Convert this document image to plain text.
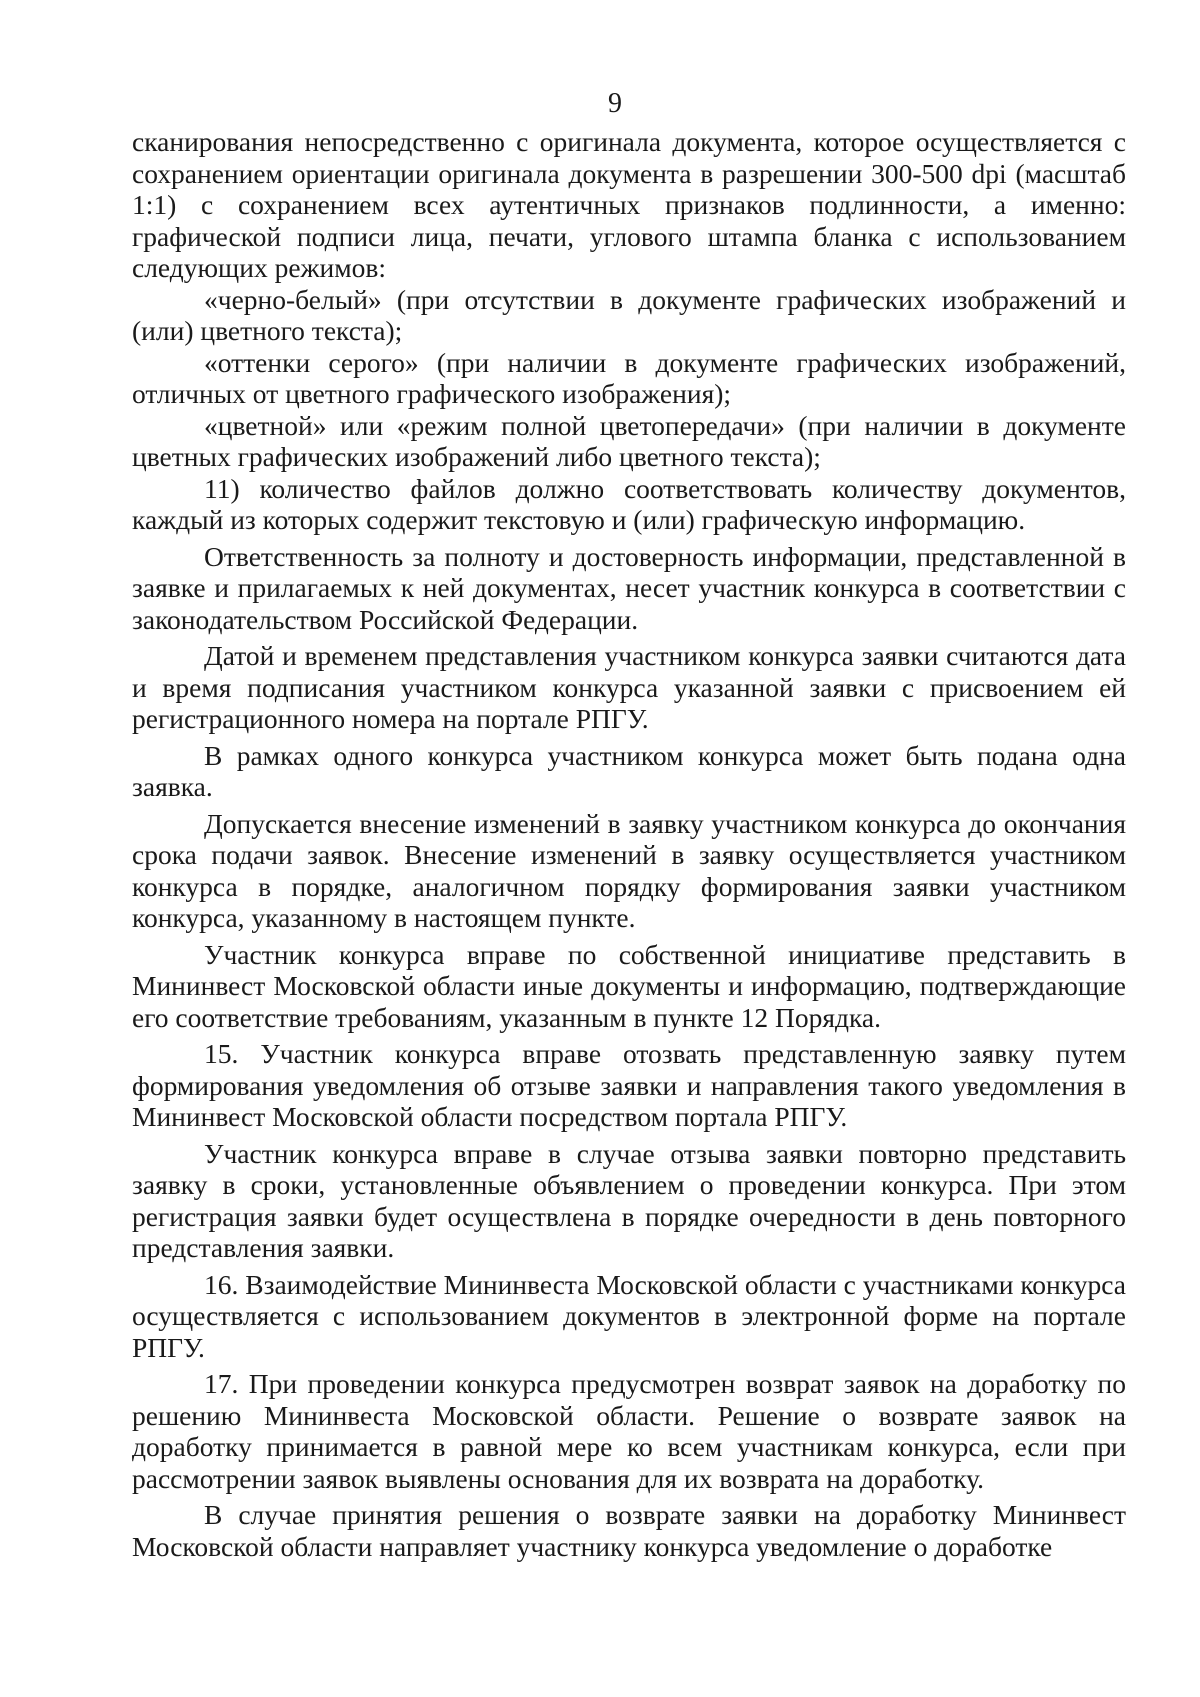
9

сканирования непосредственно с оригинала документа, которое осуществляется с сохранением ориентации оригинала документа в разрешении 300-500 dpi (масштаб 1:1) с сохранением всех аутентичных признаков подлинности, а именно: графической подписи лица, печати, углового штампа бланка с использованием следующих режимов:

«черно-белый» (при отсутствии в документе графических изображений и (или) цветного текста);

«оттенки серого» (при наличии в документе графических изображений, отличных от цветного графического изображения);

«цветной» или «режим полной цветопередачи» (при наличии в документе цветных графических изображений либо цветного текста);

11) количество файлов должно соответствовать количеству документов, каждый из которых содержит текстовую и (или) графическую информацию.

Ответственность за полноту и достоверность информации, представленной в заявке и прилагаемых к ней документах, несет участник конкурса в соответствии с законодательством Российской Федерации.

Датой и временем представления участником конкурса заявки считаются дата и время подписания участником конкурса указанной заявки с присвоением ей регистрационного номера на портале РПГУ.

В рамках одного конкурса участником конкурса может быть подана одна заявка.

Допускается внесение изменений в заявку участником конкурса до окончания срока подачи заявок. Внесение изменений в заявку осуществляется участником конкурса в порядке, аналогичном порядку формирования заявки участником конкурса, указанному в настоящем пункте.

Участник конкурса вправе по собственной инициативе представить в Мининвест Московской области иные документы и информацию, подтверждающие его соответствие требованиям, указанным в пункте 12 Порядка.

15. Участник конкурса вправе отозвать представленную заявку путем формирования уведомления об отзыве заявки и направления такого уведомления в Мининвест Московской области посредством портала РПГУ.

Участник конкурса вправе в случае отзыва заявки повторно представить заявку в сроки, установленные объявлением о проведении конкурса. При этом регистрация заявки будет осуществлена в порядке очередности в день повторного представления заявки.

16. Взаимодействие Мининвеста Московской области с участниками конкурса осуществляется с использованием документов в электронной форме на портале РПГУ.

17. При проведении конкурса предусмотрен возврат заявок на доработку по решению Мининвеста Московской области. Решение о возврате заявок на доработку принимается в равной мере ко всем участникам конкурса, если при рассмотрении заявок выявлены основания для их возврата на доработку.

В случае принятия решения о возврате заявки на доработку Мининвест Московской области направляет участнику конкурса уведомление о доработке
